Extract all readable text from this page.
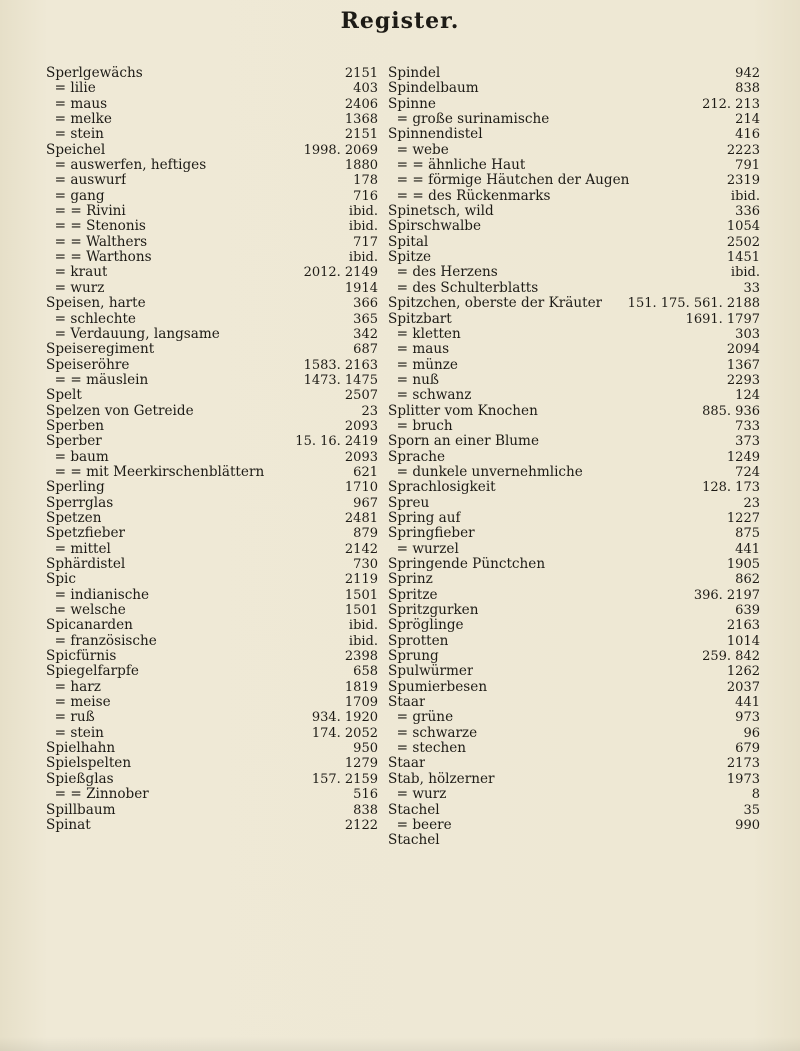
Register.
Sperlgewächs	2151
= lilie	403
= maus	2406
= melke	1368
= stein	2151
Speichel	1998. 2069
= auswerfen, heftiges	1880
= auswurf	178
= gang	716
= = Rivini	ibid.
= = Stenonis	ibid.
= = Walthers	717
= = Warthons	ibid.
= kraut	2012. 2149
= wurz	1914
Speisen, harte	366
= schlechte	365
= Verdauung, langsame	342
Speiseregiment	687
Speiseröhre	1583. 2163
= = mäuslein	1473. 1475
Spelt	2507
Spelzen von Getreide	23
Sperben	2093
Sperber	15. 16. 2419
= baum	2093
= = mit Meerkirschenblättern	621
Sperling	1710
Sperrglas	967
Spetzen	2481
Spetzfieber	879
= mittel	2142
Sphärdistel	730
Spic	2119
= indianische	1501
= welsche	1501
Spicanarden	ibid.
= französische	ibid.
Spicfürnis	2398
Spiegelfarpfe	658
= harz	1819
= meise	1709
= ruß	934. 1920
= stein	174. 2052
Spielhahn	950
Spielspelten	1279
Spießglas	157. 2159
= = Zinnober	516
Spillbaum	838
Spinat	2122
Spindel	942
Spindelbaum	838
Spinne	212. 213
= große surinamische	214
Spinnendistel	416
= webe	2223
= = ähnliche Haut	791
= = förmige Häutchen der Augen	2319
= = des Rückenmarks	ibid.
Spinetsch, wild	336
Spirschwalbe	1054
Spital	2502
Spitze	1451
= des Herzens	ibid.
= des Schulterblatts	33
Spitzchen, oberste der Kräuter	151. 175. 561. 2188
Spitzbart	1691. 1797
= kletten	303
= maus	2094
= münze	1367
= nuß	2293
= schwanz	124
Splitter vom Knochen	885. 936
= bruch	733
Sporn an einer Blume	373
Sprache	1249
= dunkele unvernehmliche	724
Sprachlosigkeit	128. 173
Spreu	23
Spring auf	1227
Springfieber	875
= wurzel	441
Springende Pünctchen	1905
Sprinz	862
Spritze	396. 2197
Spritzgurken	639
Spröglinge	2163
Sprotten	1014
Sprung	259. 842
Spulwürmer	1262
Spumierbesen	2037
Staar	441
= grüne	973
= schwarze	96
= stechen	679
Staar	2173
Stab, hölzerner	1973
= wurz	8
Stachel	35
= beere	990
Stachel
